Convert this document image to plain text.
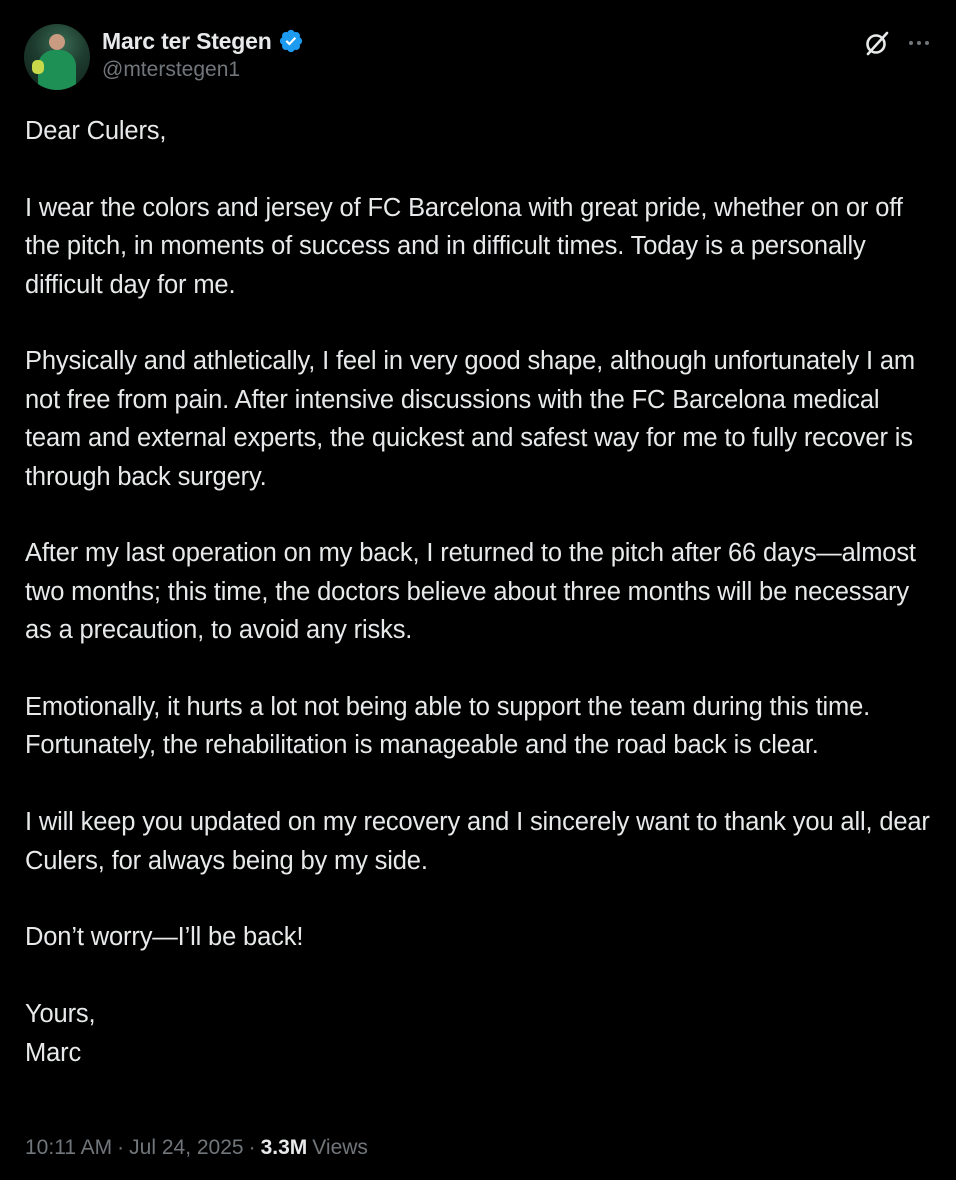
Marc ter Stegen
@mterstegen1

Dear Culers,

I wear the colors and jersey of FC Barcelona with great pride, whether on or off the pitch, in moments of success and in difficult times. Today is a personally difficult day for me.

Physically and athletically, I feel in very good shape, although unfortunately I am not free from pain. After intensive discussions with the FC Barcelona medical team and external experts, the quickest and safest way for me to fully recover is through back surgery.

After my last operation on my back, I returned to the pitch after 66 days—almost two months; this time, the doctors believe about three months will be necessary as a precaution, to avoid any risks.

Emotionally, it hurts a lot not being able to support the team during this time. Fortunately, the rehabilitation is manageable and the road back is clear.

I will keep you updated on my recovery and I sincerely want to thank you all, dear Culers, for always being by my side.

Don’t worry—I’ll be back!

Yours,

Marc

10:11 AM · Jul 24, 2025 · 3.3M Views
